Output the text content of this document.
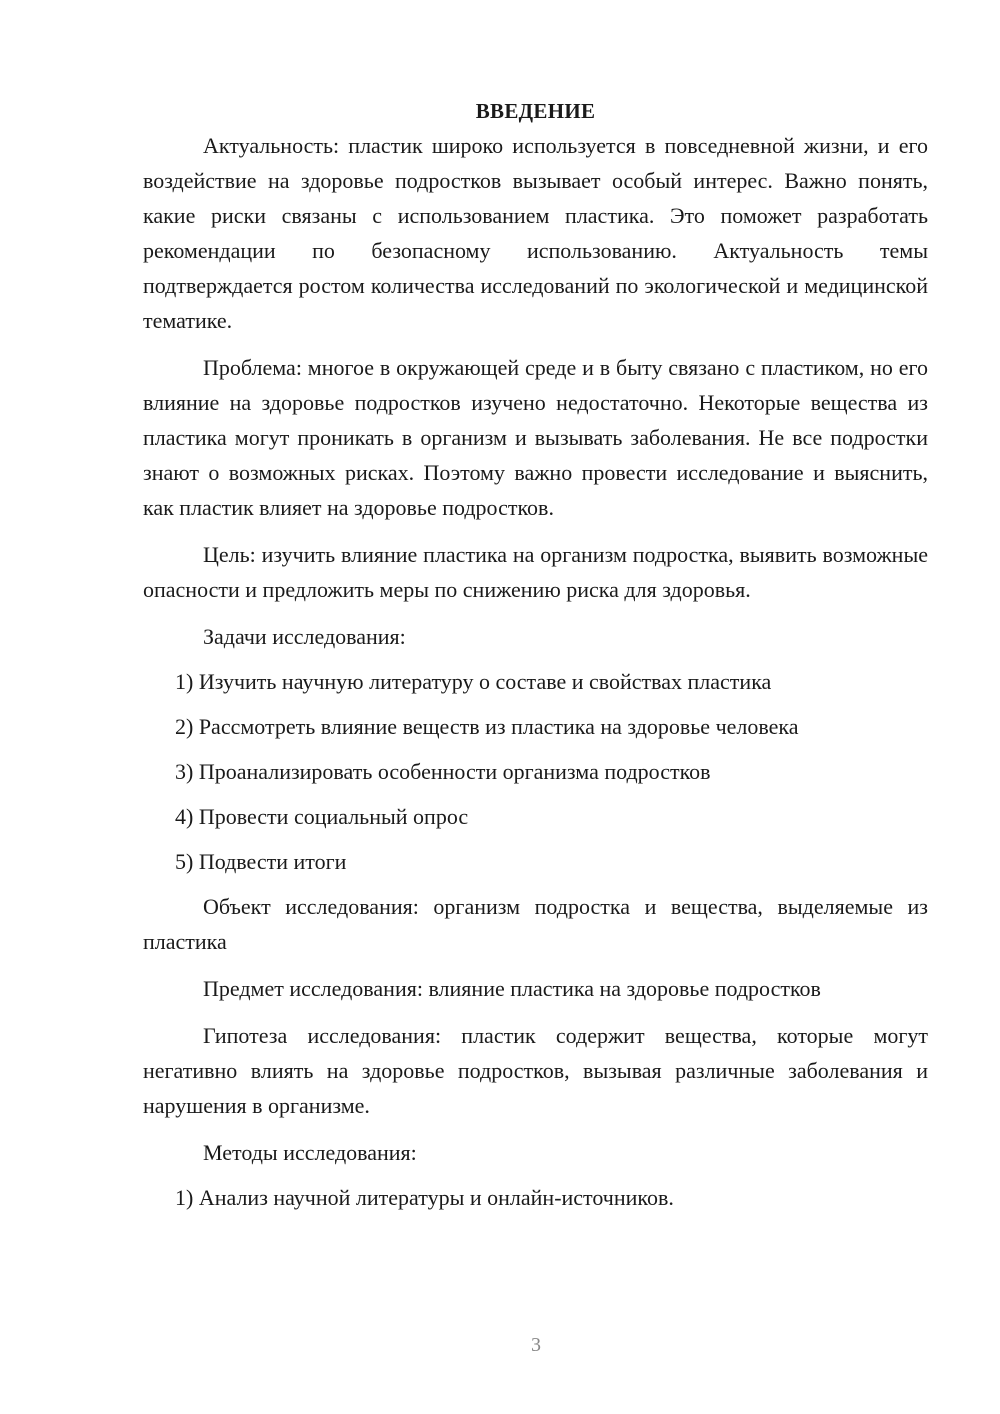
ВВЕДЕНИЕ

Актуальность: пластик широко используется в повседневной жизни, и его воздействие на здоровье подростков вызывает особый интерес. Важно понять, какие риски связаны с использованием пластика. Это поможет разработать рекомендации по безопасному использованию. Актуальность темы подтверждается ростом количества исследований по экологической и медицинской тематике.

Проблема: многое в окружающей среде и в быту связано с пластиком, но его влияние на здоровье подростков изучено недостаточно. Некоторые вещества из пластика могут проникать в организм и вызывать заболевания. Не все подростки знают о возможных рисках. Поэтому важно провести исследование и выяснить, как пластик влияет на здоровье подростков.

Цель: изучить влияние пластика на организм подростка, выявить возможные опасности и предложить меры по снижению риска для здоровья.

Задачи исследования:

1) Изучить научную литературу о составе и свойствах пластика

2) Рассмотреть влияние веществ из пластика на здоровье человека

3) Проанализировать особенности организма подростков

4) Провести социальный опрос

5) Подвести итоги

Объект исследования: организм подростка и вещества, выделяемые из пластика

Предмет исследования: влияние пластика на здоровье подростков

Гипотеза исследования: пластик содержит вещества, которые могут негативно влиять на здоровье подростков, вызывая различные заболевания и нарушения в организме.

Методы исследования:

1) Анализ научной литературы и онлайн-источников.

3
